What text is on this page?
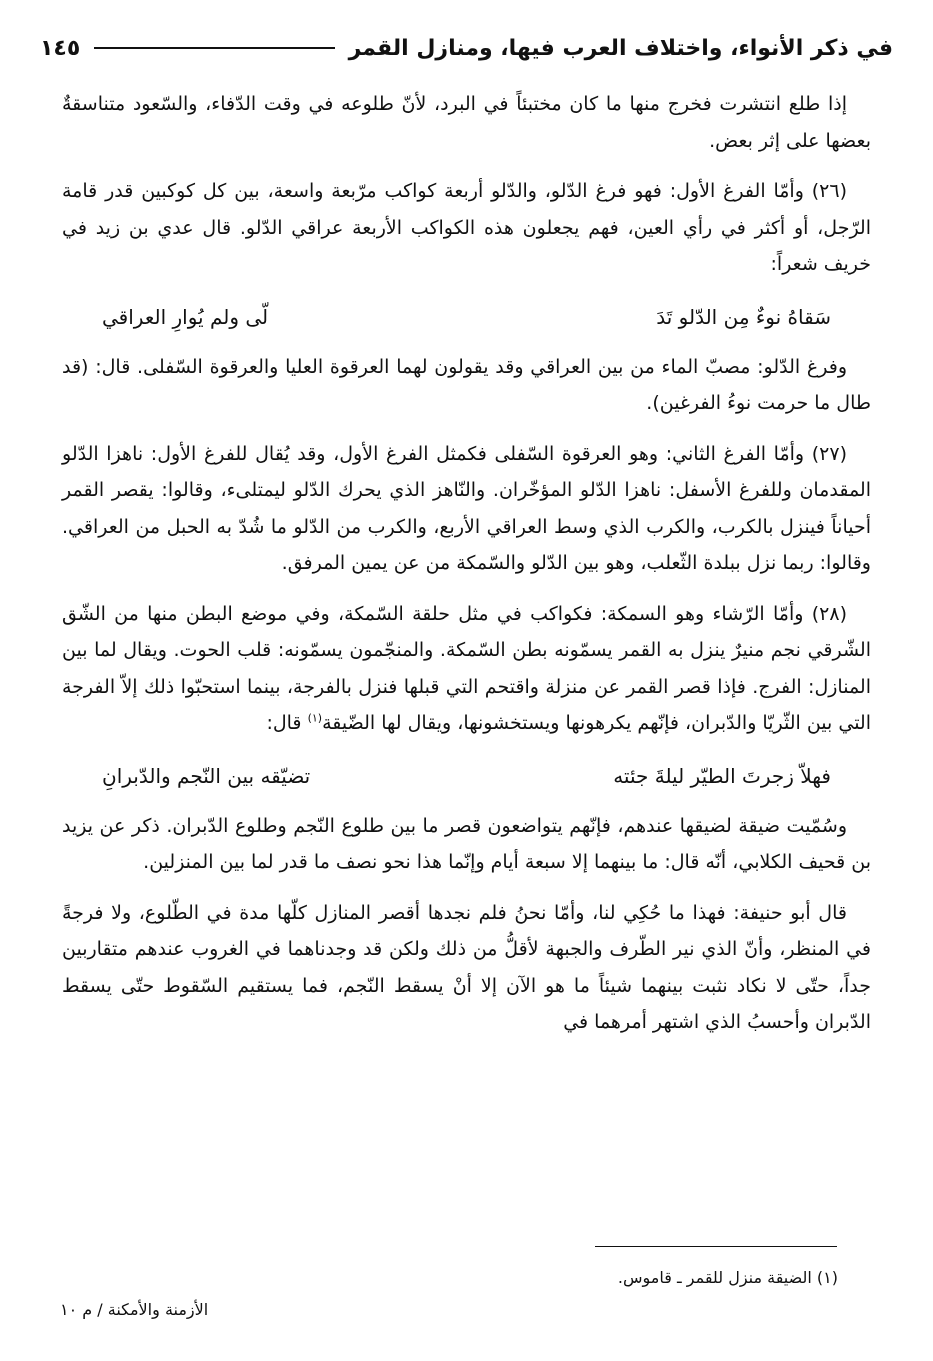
في ذكر الأنواء، واختلاف العرب فيها، ومنازل القمر
١٤٥

إذا طلع انتشرت فخرج منها ما كان مختبئاً في البرد، لأنّ طلوعه في وقت الدّفاء، والسّعود متناسقةٌ بعضها على إثر بعض.

(٢٦) وأمّا الفرغ الأول: فهو فرغ الدّلو، والدّلو أربعة كواكب مرّبعة واسعة، بين كل كوكبين قدر قامة الرّجل، أو أكثر في رأي العين، فهم يجعلون هذه الكواكب الأربعة عراقي الدّلو. قال عدي بن زيد في خريف شعراً:

سَقاهُ نوءٌ مِن الدّلو تَدَ
لّى ولم يُوارِ العراقي

وفرغ الدّلو: مصبّ الماء من بين العراقي وقد يقولون لهما العرقوة العليا والعرقوة السّفلى. قال: (قد طال ما حرمت نوءُ الفرغين).

(٢٧) وأمّا الفرغ الثاني: وهو العرقوة السّفلى فكمثل الفرغ الأول، وقد يُقال للفرغ الأول: ناهزا الدّلو المقدمان وللفرغ الأسفل: ناهزا الدّلو المؤخّران. والنّاهز الذي يحرك الدّلو ليمتلىء، وقالوا: يقصر القمر أحياناً فينزل بالكرب، والكرب الذي وسط العراقي الأربع، والكرب من الدّلو ما شُدّ به الحبل من العراقي. وقالوا: ربما نزل ببلدة الثّعلب، وهو بين الدّلو والسّمكة من عن يمين المرفق.

(٢٨) وأمّا الرّشاء وهو السمكة: فكواكب في مثل حلقة السّمكة، وفي موضع البطن منها من الشّق الشّرقي نجم منيرٌ ينزل به القمر يسمّونه بطن السّمكة. والمنجّمون يسمّونه: قلب الحوت. ويقال لما بين المنازل: الفرج. فإذا قصر القمر عن منزلة واقتحم التي قبلها فنزل بالفرجة، بينما استحبّوا ذلك إلاّ الفرجة التي بين الثّريّا والدّبران، فإنّهم يكرهونها ويستخشونها، ويقال لها الضّيقة$^{(١)}$ قال:

فهلاّ زجرتَ الطيّر ليلةَ جئته
تضيّقه بين النّجم والدّبرانِ

وسُمّيت ضيقة لضيقها عندهم، فإنّهم يتواضعون قصر ما بين طلوع النّجم وطلوع الدّبران. ذكر عن يزيد بن قحيف الكلابي، أنّه قال: ما بينهما إلا سبعة أيام وإنّما هذا نحو نصف ما قدر لما بين المنزلين.

قال أبو حنيفة: فهذا ما حُكِي لنا، وأمّا نحنُ فلم نجدها أقصر المنازل كلّها مدة في الطّلوع، ولا فرجةً في المنظر، وأنّ الذي نير الطّرف والجبهة لأقلُّ من ذلك ولكن قد وجدناهما في الغروب عندهم متقاربين جداً، حتّى لا نكاد نثبت بينهما شيئاً ما هو الآن إلا أنْ يسقط النّجم، فما يستقيم السّقوط حتّى يسقط الدّبران وأحسبُ الذي اشتهر أمرهما في

(١) الضيقة منزل للقمر ـ قاموس.
الأزمنة والأمكنة / م ١٠
